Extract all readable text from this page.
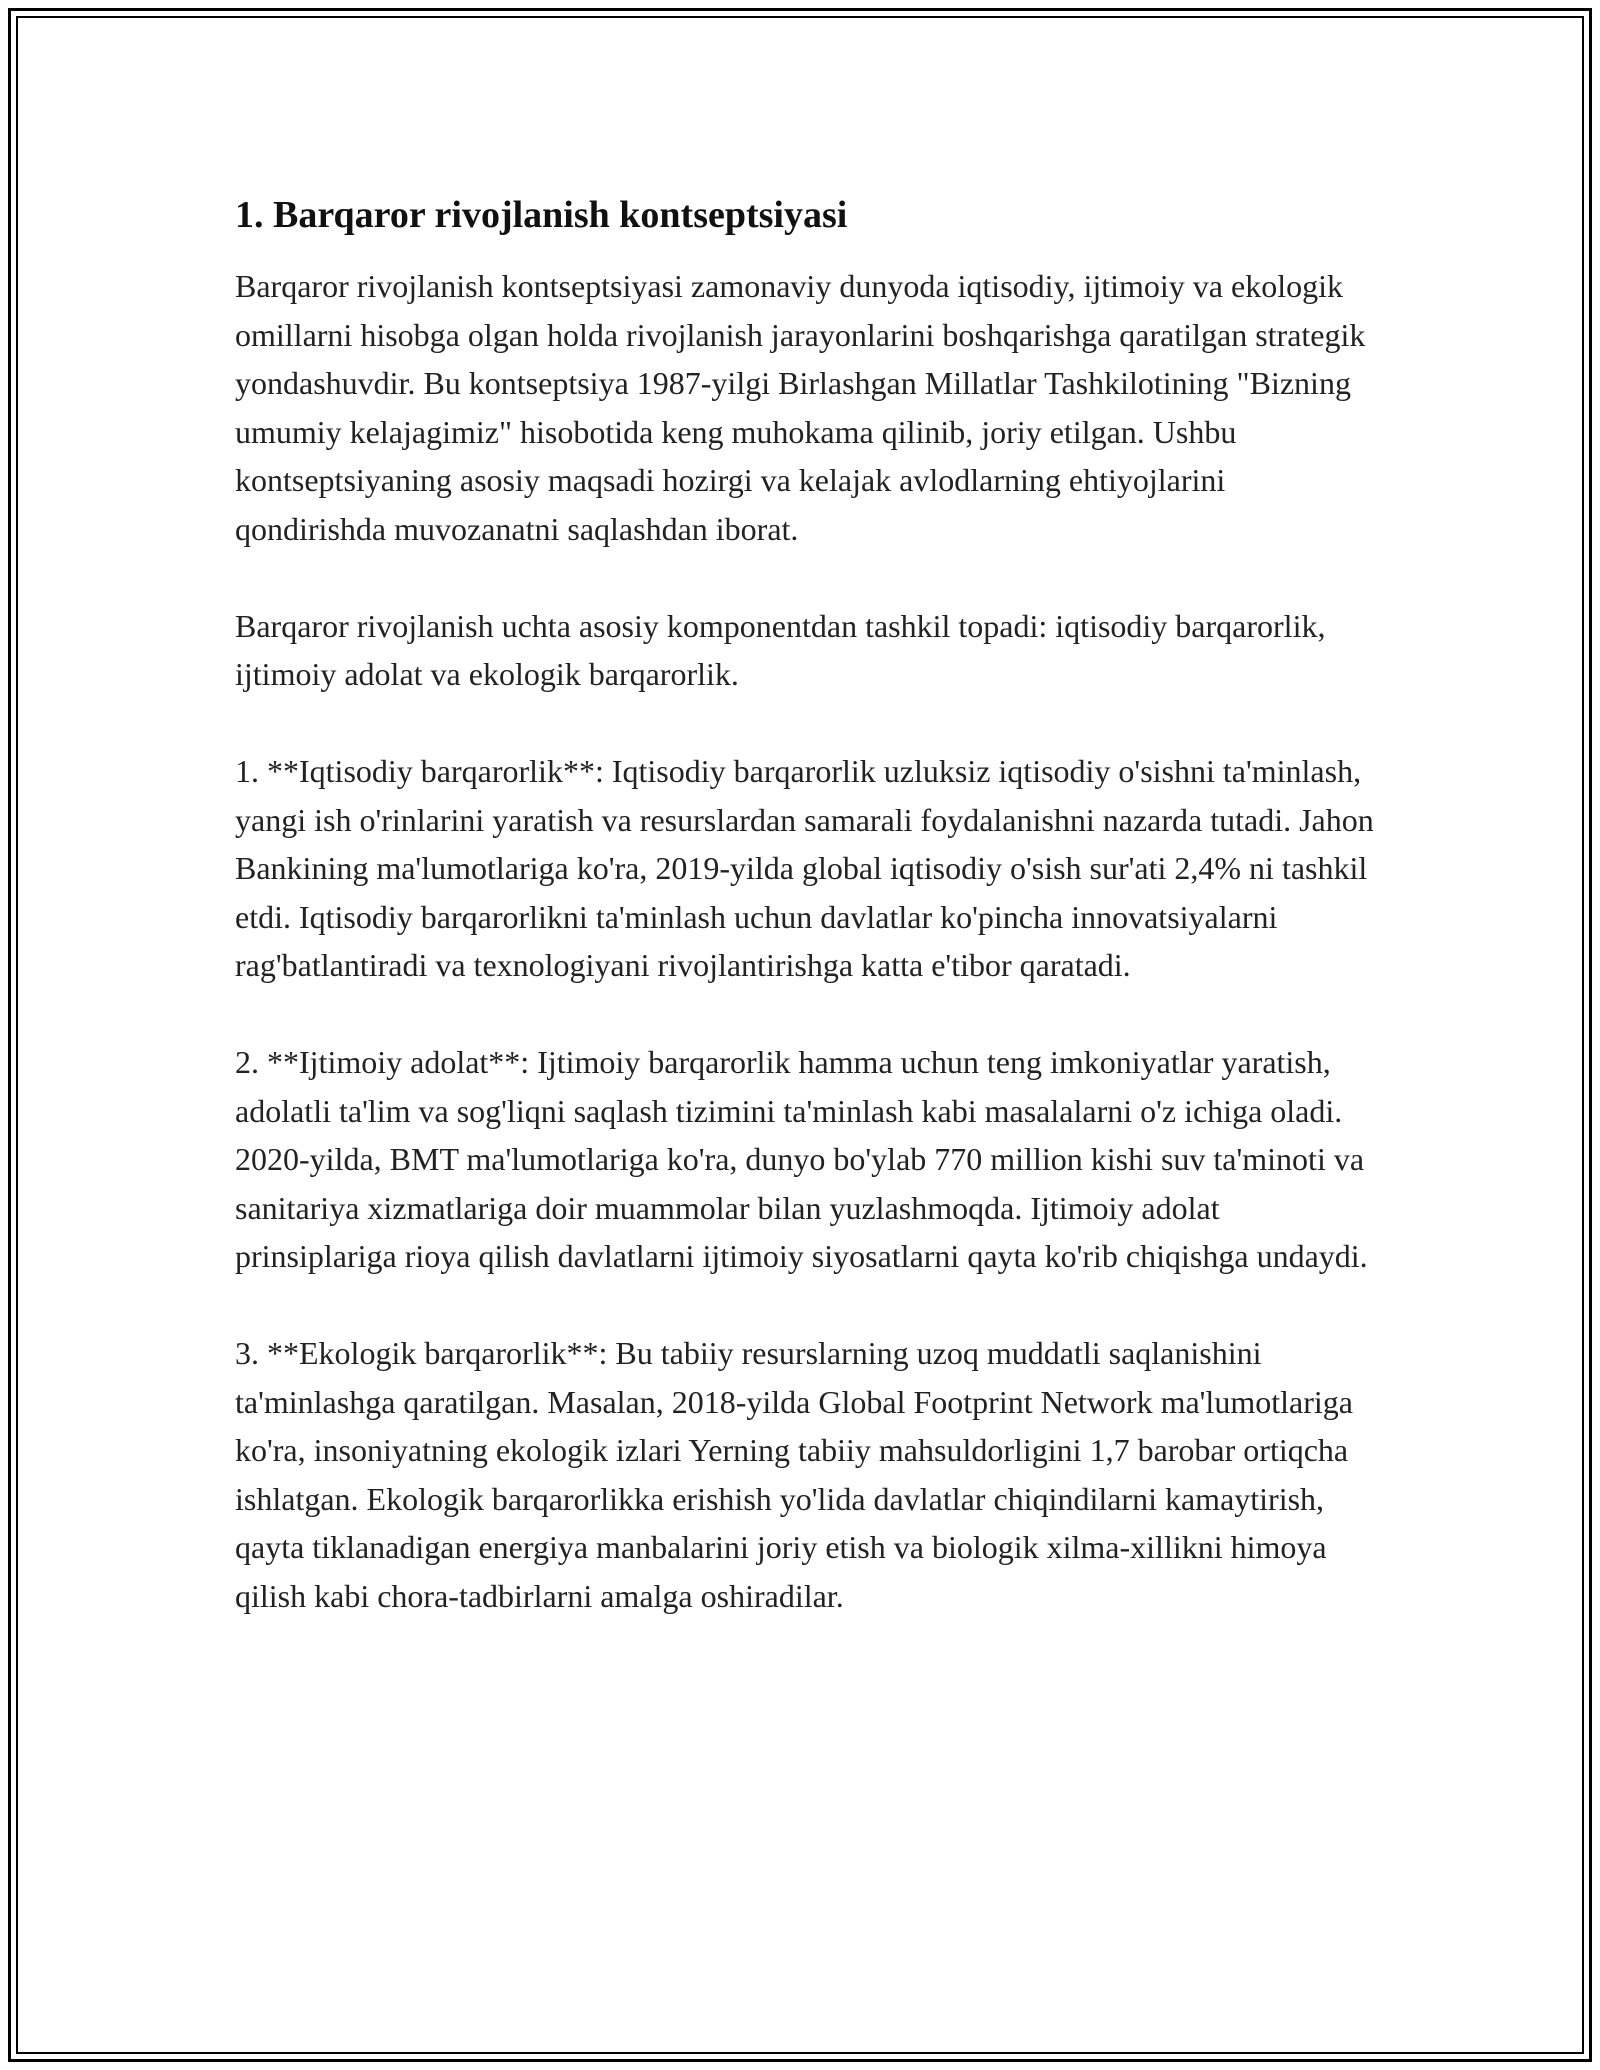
1. Barqaror rivojlanish kontseptsiyasi

Barqaror rivojlanish kontseptsiyasi zamonaviy dunyoda iqtisodiy, ijtimoiy va ekologik omillarni hisobga olgan holda rivojlanish jarayonlarini boshqarishga qaratilgan strategik yondashuvdir. Bu kontseptsiya 1987-yilgi Birlashgan Millatlar Tashkilotining "Bizning umumiy kelajagimiz" hisobotida keng muhokama qilinib, joriy etilgan. Ushbu kontseptsiyaning asosiy maqsadi hozirgi va kelajak avlodlarning ehtiyojlarini qondirishda muvozanatni saqlashdan iborat.

Barqaror rivojlanish uchta asosiy komponentdan tashkil topadi: iqtisodiy barqarorlik, ijtimoiy adolat va ekologik barqarorlik.

1. **Iqtisodiy barqarorlik**: Iqtisodiy barqarorlik uzluksiz iqtisodiy o'sishni ta'minlash, yangi ish o'rinlarini yaratish va resurslardan samarali foydalanishni nazarda tutadi. Jahon Bankining ma'lumotlariga ko'ra, 2019-yilda global iqtisodiy o'sish sur'ati 2,4% ni tashkil etdi. Iqtisodiy barqarorlikni ta'minlash uchun davlatlar ko'pincha innovatsiyalarni rag'batlantiradi va texnologiyani rivojlantirishga katta e'tibor qaratadi.

2. **Ijtimoiy adolat**: Ijtimoiy barqarorlik hamma uchun teng imkoniyatlar yaratish, adolatli ta'lim va sog'liqni saqlash tizimini ta'minlash kabi masalalarni o'z ichiga oladi. 2020-yilda, BMT ma'lumotlariga ko'ra, dunyo bo'ylab 770 million kishi suv ta'minoti va sanitariya xizmatlariga doir muammolar bilan yuzlashmoqda. Ijtimoiy adolat prinsiplariga rioya qilish davlatlarni ijtimoiy siyosatlarni qayta ko'rib chiqishga undaydi.

3. **Ekologik barqarorlik**: Bu tabiiy resurslarning uzoq muddatli saqlanishini ta'minlashga qaratilgan. Masalan, 2018-yilda Global Footprint Network ma'lumotlariga ko'ra, insoniyatning ekologik izlari Yerning tabiiy mahsuldorligini 1,7 barobar ortiqcha ishlatgan. Ekologik barqarorlikka erishish yo'lida davlatlar chiqindilarni kamaytirish, qayta tiklanadigan energiya manbalarini joriy etish va biologik xilma-xillikni himoya qilish kabi chora-tadbirlarni amalga oshiradilar.
